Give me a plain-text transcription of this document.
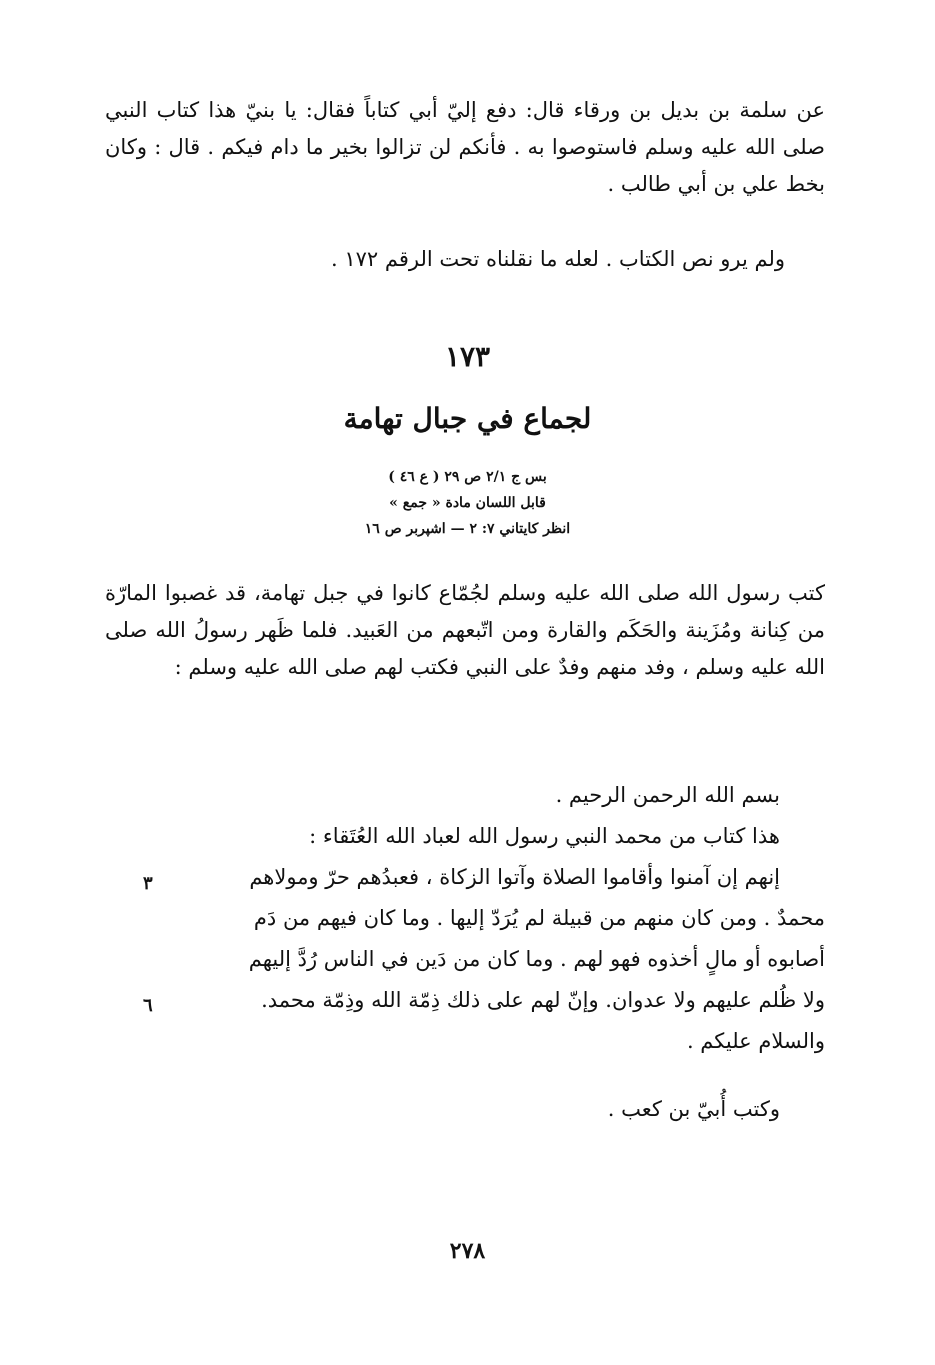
عن سلمة بن بديل بن ورقاء قال: دفع إليّ أبي كتاباً فقال: يا بنيّ هذا كتاب النبي صلى الله عليه وسلم فاستوصوا به . فأنكم لن تزالوا بخير ما دام فيكم . قال : وكان بخط علي بن أبي طالب .

ولم يرو نص الكتاب . لعله ما نقلناه تحت الرقم ١٧٢ .

١٧٣
لجماع في جبال تهامة
بس ج ٢/١ ص ٢٩ ( ع ٤٦ )
قابل اللسان مادة « جمع »
انظر كايتاني ٧: ٢ — اشپربر ص ١٦

كتب رسول الله صلى الله عليه وسلم لجُمّاع كانوا في جبل تهامة، قد غصبوا المارّة من كِنانة ومُزَينة والحَكَم والقارة ومن اتّبعهم من العَبيد. فلما ظَهر رسولُ الله صلى الله عليه وسلم ، وفد منهم وفدٌ على النبي فكتب لهم صلى الله عليه وسلم :

بسم الله الرحمن الرحيم .
هذا كتاب من محمد النبي رسول الله لعباد الله العُتَقاء :
إنهم إن آمنوا وأقاموا الصلاة وآتوا الزكاة ، فعبدُهم حرّ ومولاهم
محمدٌ . ومن كان منهم من قبيلة لم يُرَدّ إليها . وما كان فيهم من دَم
أصابوه أو مالٍ أخذوه فهو لهم . وما كان من دَين في الناس رُدَّ إليهم
ولا ظُلم عليهم ولا عدوان. وإنّ لهم على ذلك ذِمّة الله وذِمّة محمد.
والسلام عليكم .
٣
٦
وكتب أُبيّ بن كعب .
٢٧٨
